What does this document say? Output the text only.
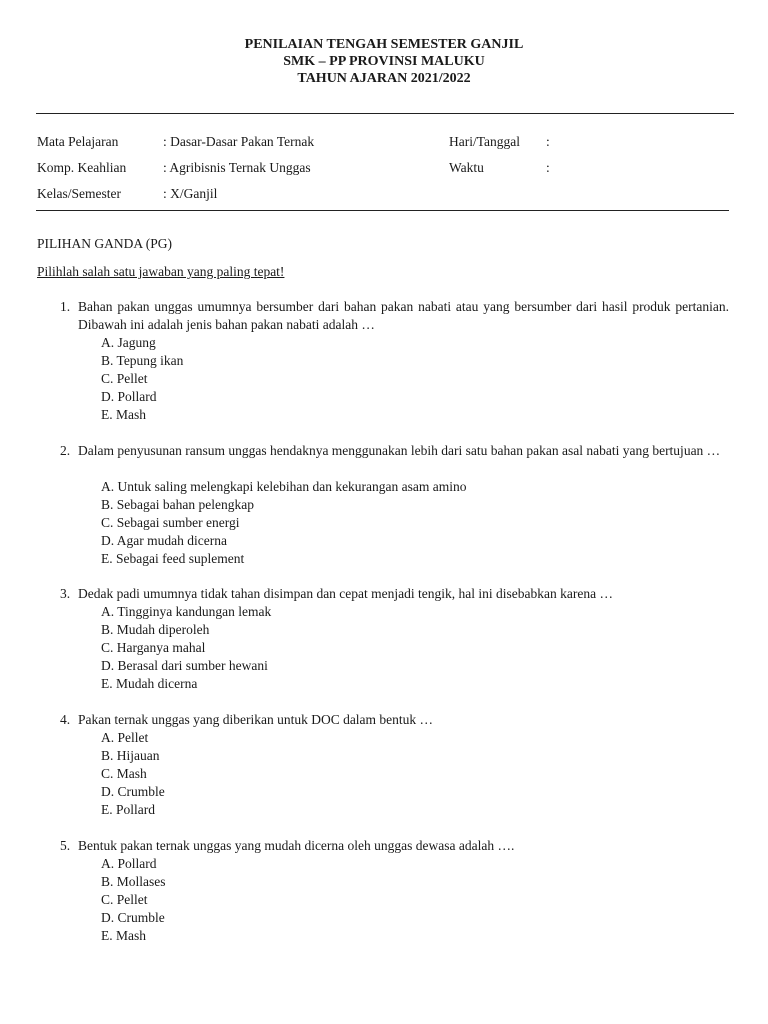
PENILAIAN TENGAH SEMESTER GANJIL
SMK – PP PROVINSI MALUKU
TAHUN AJARAN 2021/2022
Mata Pelajaran	: Dasar-Dasar Pakan Ternak	Hari/Tanggal :
Komp. Keahlian	: Agribisnis Ternak Unggas	Waktu	:
Kelas/Semester	: X/Ganjil
PILIHAN GANDA (PG)
Pilihlah salah satu jawaban yang paling tepat!
1. Bahan pakan unggas umumnya bersumber dari bahan pakan nabati atau yang bersumber dari hasil produk pertanian. Dibawah ini adalah jenis bahan pakan nabati adalah …
A. Jagung
B. Tepung ikan
C. Pellet
D. Pollard
E. Mash
2. Dalam penyusunan ransum unggas hendaknya menggunakan lebih dari satu bahan pakan asal nabati yang bertujuan …
A. Untuk saling melengkapi kelebihan dan kekurangan asam amino
B. Sebagai bahan pelengkap
C. Sebagai sumber energi
D. Agar mudah dicerna
E. Sebagai feed suplement
3. Dedak padi umumnya tidak tahan disimpan dan cepat menjadi tengik, hal ini disebabkan karena …
A. Tingginya kandungan lemak
B. Mudah diperoleh
C. Harganya mahal
D. Berasal dari sumber hewani
E. Mudah dicerna
4. Pakan ternak unggas yang diberikan untuk DOC dalam bentuk …
A. Pellet
B. Hijauan
C. Mash
D. Crumble
E. Pollard
5. Bentuk pakan ternak unggas yang mudah dicerna oleh unggas dewasa adalah ….
A. Pollard
B. Mollases
C. Pellet
D. Crumble
E. Mash
